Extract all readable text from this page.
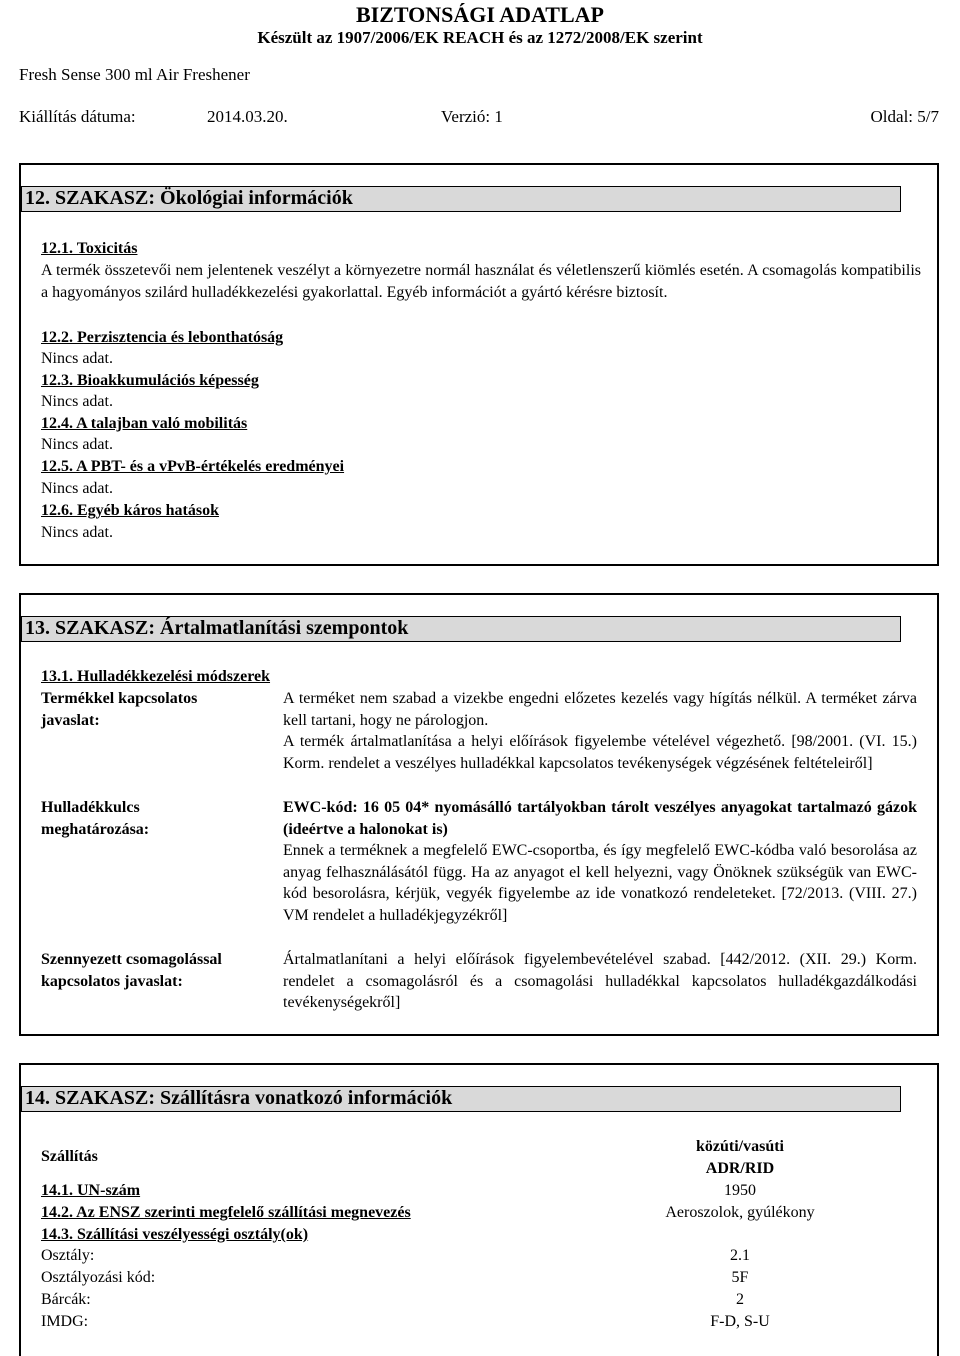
BIZTONSÁGI ADATLAP
Készült az 1907/2006/EK REACH és az 1272/2008/EK szerint
Fresh Sense 300 ml Air Freshener
Kiállítás dátuma:	2014.03.20.	Verzió: 1	Oldal: 5/7
12. SZAKASZ: Ökológiai információk
12.1. Toxicitás
A termék összetevői nem jelentenek veszélyt a környezetre normál használat és véletlenszerű kiömlés esetén. A csomagolás kompatibilis a hagyományos szilárd hulladékkezelési gyakorlattal. Egyéb információt a gyártó kérésre biztosít.
12.2. Perzisztencia és lebonthatóság
Nincs adat.
12.3. Bioakkumulációs képesség
Nincs adat.
12.4. A talajban való mobilitás
Nincs adat.
12.5. A PBT- és a vPvB-értékelés eredményei
Nincs adat.
12.6. Egyéb káros hatások
Nincs adat.
13. SZAKASZ: Ártalmatlanítási szempontok
13.1. Hulladékkezelési módszerek
Termékkel kapcsolatos
javaslat:
A terméket nem szabad a vizekbe engedni előzetes kezelés vagy hígítás nélkül. A terméket zárva kell tartani, hogy ne párologjon.
A termék ártalmatlanítása a helyi előírások figyelembe vételével végezhető. [98/2001. (VI. 15.) Korm. rendelet a veszélyes hulladékkal kapcsolatos tevékenységek végzésének feltételeiről]
Hulladékkulcs
meghatározása:
EWC-kód: 16 05 04* nyomásálló tartályokban tárolt veszélyes anyagokat tartalmazó gázok (ideértve a halonokat is)
Ennek a terméknek a megfelelő EWC-csoportba, és így megfelelő EWC-kódba való besorolása az anyag felhasználásától függ. Ha az anyagot el kell helyezni, vagy Önöknek szükségük van EWC-kód besorolásra, kérjük, vegyék figyelembe az ide vonatkozó rendeleteket. [72/2013. (VIII. 27.) VM rendelet a hulladékjegyzékről]
Szennyezett csomagolással
kapcsolatos javaslat:
Ártalmatlanítani a helyi előírások figyelembevételével szabad. [442/2012. (XII. 29.) Korm. rendelet a csomagolásról és a csomagolási hulladékkal kapcsolatos hulladékgazdálkodási tevékenységekről]
14. SZAKASZ: Szállításra vonatkozó információk
Szállítás
közúti/vasúti
ADR/RID
14.1. UN-szám	1950
14.2. Az ENSZ szerinti megfelelő szállítási megnevezés	Aeroszolok, gyúlékony
14.3. Szállítási veszélyességi osztály(ok)
Osztály:	2.1
Osztályozási kód:	5F
Bárcák:	2
IMDG:	F-D, S-U
